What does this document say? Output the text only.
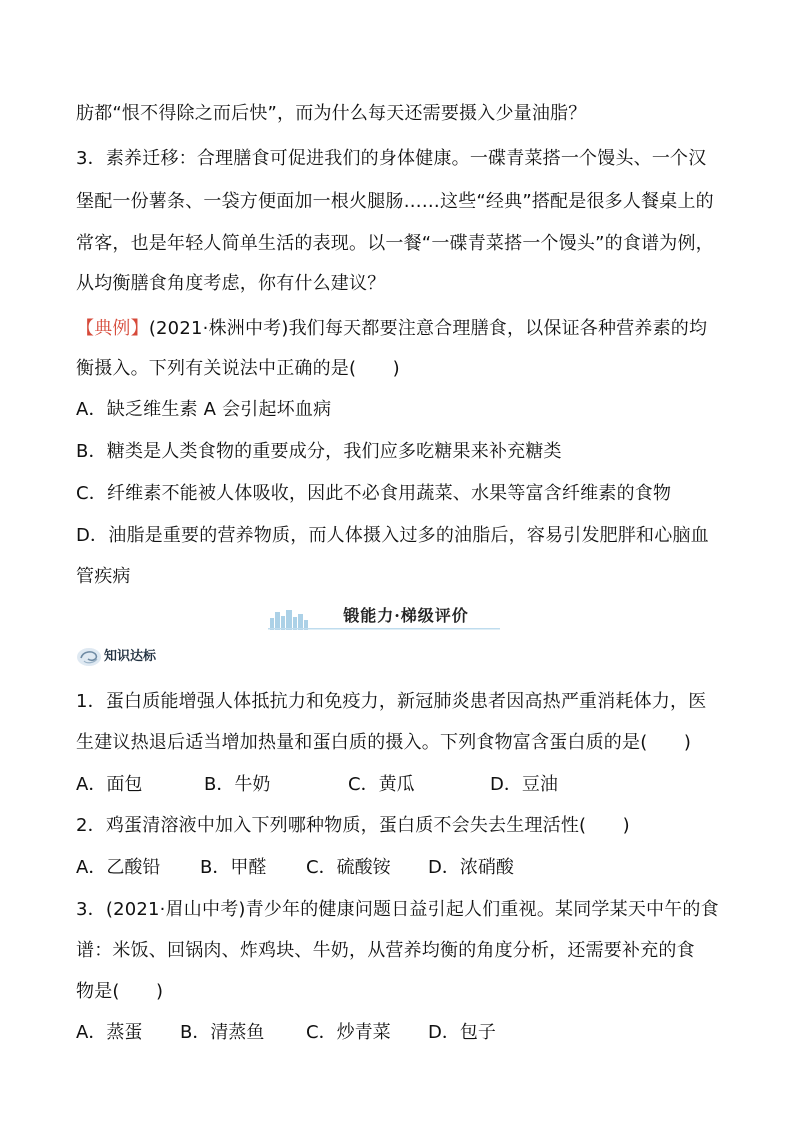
肪都“恨不得除之而后快”，而为什么每天还需要摄入少量油脂？
3．素养迁移：合理膳食可促进我们的身体健康。一碟青菜搭一个馒头、一个汉
堡配一份薯条、一袋方便面加一根火腿肠……这些“经典”搭配是很多人餐桌上的
常客，也是年轻人简单生活的表现。以一餐“一碟青菜搭一个馒头”的食谱为例，
从均衡膳食角度考虑，你有什么建议？
【典例】(2021·株洲中考)我们每天都要注意合理膳食，以保证各种营养素的均
衡摄入。下列有关说法中正确的是(　　)
A．缺乏维生素 A 会引起坏血病
B．糖类是人类食物的重要成分，我们应多吃糖果来补充糖类
C．纤维素不能被人体吸收，因此不必食用蔬菜、水果等富含纤维素的食物
D．油脂是重要的营养物质，而人体摄入过多的油脂后，容易引发肥胖和心脑血
管疾病
锻能力·梯级评价
知识达标
1．蛋白质能增强人体抵抗力和免疫力，新冠肺炎患者因高热严重消耗体力，医
生建议热退后适当增加热量和蛋白质的摄入。下列食物富含蛋白质的是(　　)
A．面包	B．牛奶	C．黄瓜	D．豆油
2．鸡蛋清溶液中加入下列哪种物质，蛋白质不会失去生理活性(　　)
A．乙酸铅 B．甲醛 C．硫酸铵 D．浓硝酸
3．(2021·眉山中考)青少年的健康问题日益引起人们重视。某同学某天中午的食
谱：米饭、回锅肉、炸鸡块、牛奶，从营养均衡的角度分析，还需要补充的食
物是(　　)
A．蒸蛋 B．清蒸鱼 C．炒青菜 D．包子
